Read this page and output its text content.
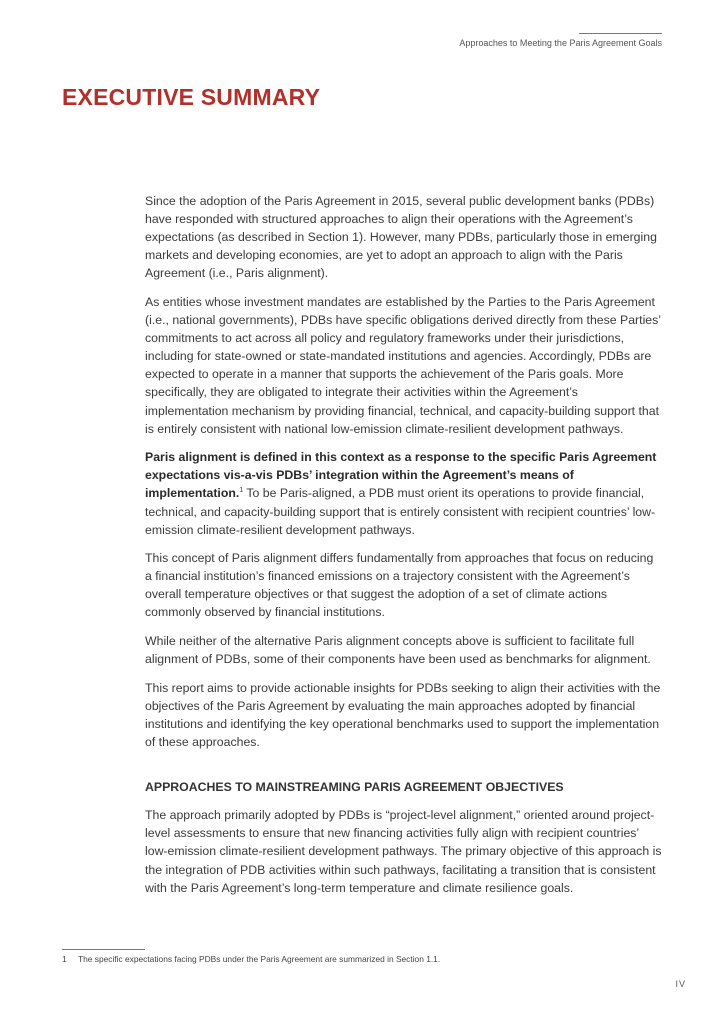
Approaches to Meeting the Paris Agreement Goals
EXECUTIVE SUMMARY

Since the adoption of the Paris Agreement in 2015, several public development banks (PDBs) have responded with structured approaches to align their operations with the Agreement’s expectations (as described in Section 1). However, many PDBs, particularly those in emerging markets and developing economies, are yet to adopt an approach to align with the Paris Agreement (i.e., Paris alignment).

As entities whose investment mandates are established by the Parties to the Paris Agreement (i.e., national governments), PDBs have specific obligations derived directly from these Parties’ commitments to act across all policy and regulatory frameworks under their jurisdictions, including for state-owned or state-mandated institutions and agencies. Accordingly, PDBs are expected to operate in a manner that supports the achievement of the Paris goals. More specifically, they are obligated to integrate their activities within the Agreement’s implementation mechanism by providing financial, technical, and capacity-building support that is entirely consistent with national low-emission climate-resilient development pathways.

Paris alignment is defined in this context as a response to the specific Paris Agreement expectations vis-a-vis PDBs’ integration within the Agreement’s means of implementation.$^1$ To be Paris-aligned, a PDB must orient its operations to provide financial, technical, and capacity-building support that is entirely consistent with recipient countries’ low-emission climate-resilient development pathways.

This concept of Paris alignment differs fundamentally from approaches that focus on reducing a financial institution’s financed emissions on a trajectory consistent with the Agreement’s overall temperature objectives or that suggest the adoption of a set of climate actions commonly observed by financial institutions.

While neither of the alternative Paris alignment concepts above is sufficient to facilitate full alignment of PDBs, some of their components have been used as benchmarks for alignment.

This report aims to provide actionable insights for PDBs seeking to align their activities with the objectives of the Paris Agreement by evaluating the main approaches adopted by financial institutions and identifying the key operational benchmarks used to support the implementation of these approaches.

APPROACHES TO MAINSTREAMING PARIS AGREEMENT OBJECTIVES

The approach primarily adopted by PDBs is “project-level alignment,” oriented around project-level assessments to ensure that new financing activities fully align with recipient countries’ low-emission climate-resilient development pathways. The primary objective of this approach is the integration of PDB activities within such pathways, facilitating a transition that is consistent with the Paris Agreement’s long-term temperature and climate resilience goals.

1 The specific expectations facing PDBs under the Paris Agreement are summarized in Section 1.1.
IV
